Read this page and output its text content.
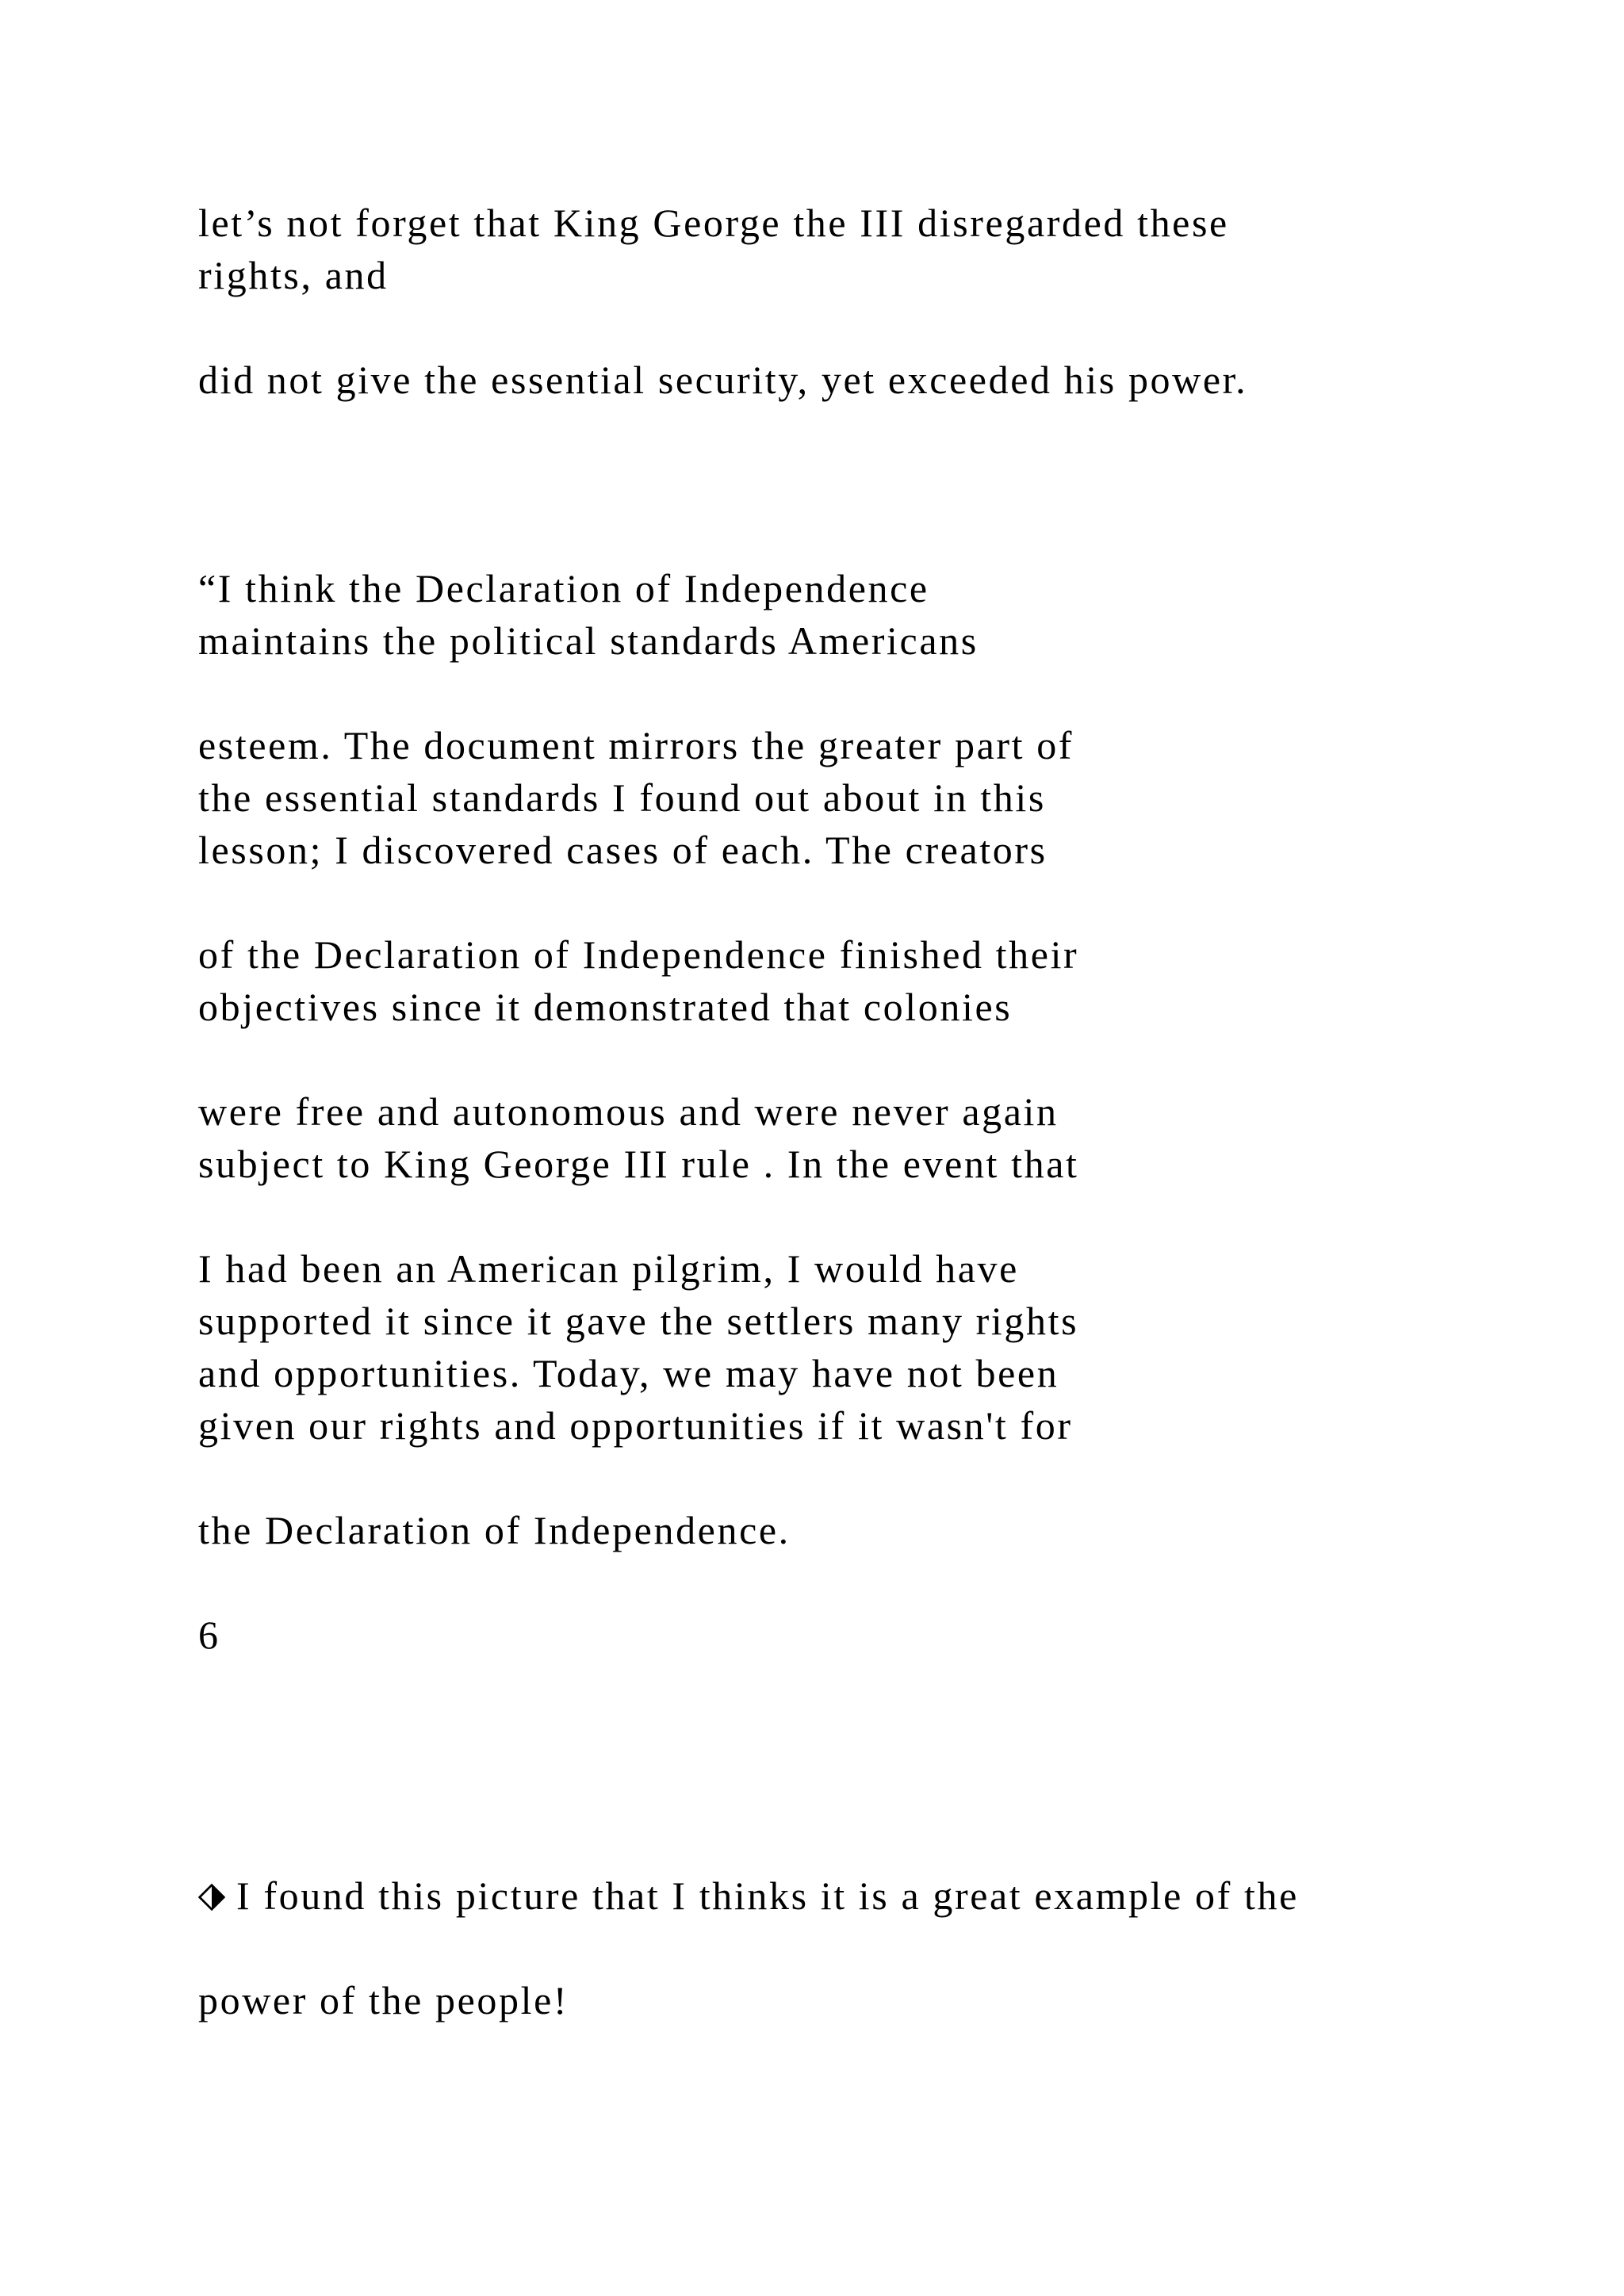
let’s not forget that King George the III disregarded these

rights, and

did not give the essential security, yet exceeded his power.

“I think the Declaration of Independence

maintains the political standards Americans

esteem. The document mirrors the greater part of

the essential standards I found out about in this

lesson; I discovered cases of each. The creators

of the Declaration of Independence finished their

objectives since it demonstrated that colonies

were free and autonomous and were never again

subject to King George III rule . In the event that

I had been an American pilgrim, I would have

supported it since it gave the settlers many rights

and opportunities. Today, we may have not been

given our rights and opportunities if it wasn't for

the Declaration of Independence.

6

I found this picture that I thinks it is a great example of the

power of the people!
